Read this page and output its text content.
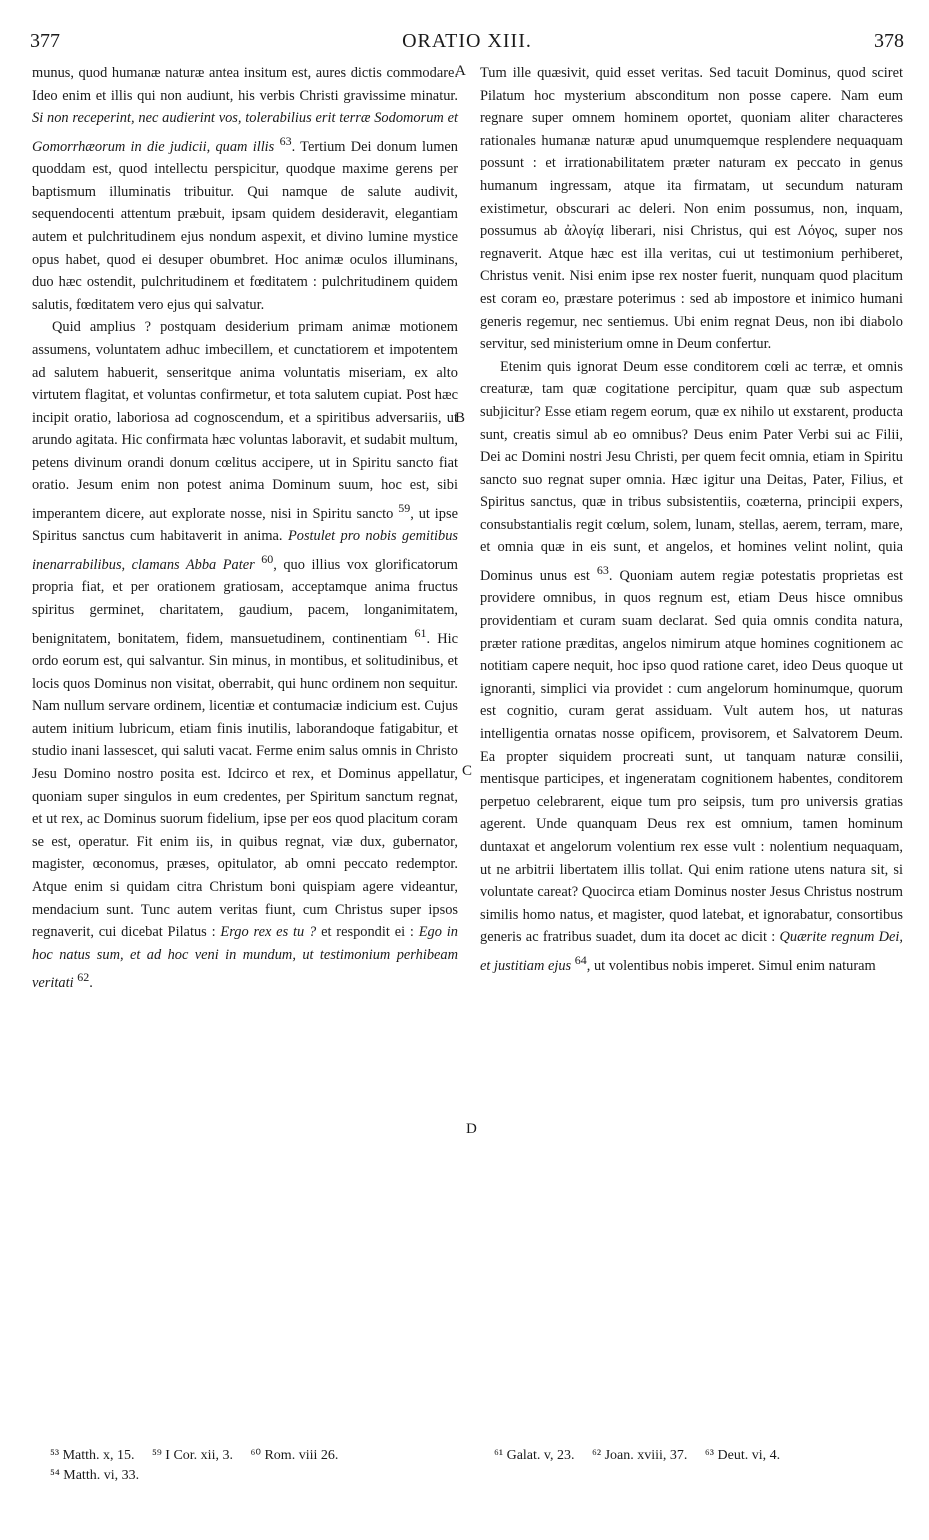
377	ORATIO XIII.	378
A
B
C
D

munus, quod humanæ naturæ antea insitum est, aures dictis commodare. Ideo enim et illis qui non audiunt, his verbis Christi gravissime minatur. Si non receperint, nec audierint vos, tolerabilius erit terræ Sodomorum et Gomorrhæorum in die judicii, quam illis $^{63}$. Tertium Dei donum lumen quoddam est, quod intellectu perspicitur, quodque maxime gerens per baptismum illuminatis tribuitur. Qui namque de salute audivit, sequendocenti attentum præbuit, ipsam quidem desideravit, elegantiam autem et pulchritudinem ejus nondum aspexit, et divino lumine mystice opus habet, quod ei desuper obumbret. Hoc animæ oculos illuminans, duo hæc ostendit, pulchritudinem et fœditatem : pulchritudinem quidem salutis, fœditatem vero ejus qui salvatur.

Quid amplius ? postquam desiderium primam animæ motionem assumens, voluntatem adhuc imbecillem, et cunctatiorem et impotentem ad salutem habuerit, senseritque anima voluntatis miseriam, ex alto virtutem flagitat, et voluntas confirmetur, et tota salutem cupiat. Post hæc incipit oratio, laboriosa ad cognoscendum, et a spiritibus adversariis, ut arundo agitata. Hic confirmata hæc voluntas laboravit, et sudabit multum, petens divinum orandi donum cœlitus accipere, ut in Spiritu sancto fiat oratio. Jesum enim non potest animа Dominum suum, hoc est, sibi imperantem dicere, aut explorate nosse, nisi in Spiritu sancto $^{59}$, ut ipse Spiritus sanctus cum habitaverit in anima. Postulet pro nobis gemitibus inenarrabilibus, clamans Abba Pater $^{60}$, quo illius vox glorificatorum propria fiat, et per orationem gratiosam, acceptamque anima fructus spiritus germinet, charitatem, gaudium, pacem, longanimitatem, benignitatem, bonitatem, fidem, mansuetudinem, continentiam $^{61}$. Hic ordo eorum est, qui salvantur. Sin minus, in montibus, et solitudinibus, et locis quos Dominus non visitat, oberrabit, qui hunc ordinem non sequitur. Nam nullum servare ordinem, licentiæ et contumaciæ indicium est. Cujus autem initium lubricum, etiam finis inutilis, laborandoque fatigabitur, et studio inani lassescet, qui saluti vacat. Ferme enim salus omnis in Christo Jesu Domino nostro posita est. Idcirco et rex, et Dominus appellatur, quoniam super singulos in eum credentes, per Spiritum sanctum regnat, et ut rex, ac Dominus suorum fidelium, ipse per eos quod placitum coram se est, operatur. Fit enim iis, in quibus regnat, viæ dux, gubernator, magister, œconomus, præses, opitulator, ab omni peccato redemptor. Atque enim si quidam citra Christum boni quispiam agere videantur, mendacium sunt. Tunc autem veritas fiunt, cum Christus super ipsos regnaverit, cui dicebat Pilatus : Ergo rex es tu ? et respondit ei : Ego in hoc natus sum, et ad hoc veni in mundum, ut testimonium perhibeam veritati $^{62}$.

Tum ille quæsivit, quid esset veritas. Sed tacuit Dominus, quod sciret Pilatum hoc mysterium absconditum non posse capere. Nam eum regnare super omnem hominem oportet, quoniam aliter characteres rationales humanæ naturæ apud unumquemque resplendere nequaquam possunt : et irrationabilitatem præter naturam ex peccato in genus humanum ingressam, atque ita firmatam, ut secundum naturam existimetur, obscurari ac deleri. Non enim possumus, non, inquam, possumus ab ἀλογίᾳ liberari, nisi Christus, qui est Λόγος, super nos regnaverit. Atque hæc est illa veritas, cui ut testimonium perhiberet, Christus venit. Nisi enim ipse rex noster fuerit, nunquam quod placitum est coram eo, præstare poterimus : sed ab impostore et inimico humani generis regemur, nec sentiemus. Ubi enim regnat Deus, non ibi diabolo servitur, sed ministerium omne in Deum confertur.

Etenim quis ignorat Deum esse conditorem cœli ac terræ, et omnis creaturæ, tam quæ cogitatione percipitur, quam quæ sub aspectum subjicitur? Esse etiam regem eorum, quæ ex nihilo ut exstarent, producta sunt, creatis simul ab eo omnibus? Deus enim Pater Verbi sui ac Filii, Dei ac Domini nostri Jesu Christi, per quem fecit omnia, etiam in Spiritu sancto suo regnat super omnia. Hæc igitur una Deitas, Pater, Filius, et Spiritus sanctus, quæ in tribus subsistentiis, coæterna, principii expers, consubstantialis regit cœlum, solem, lunam, stellas, aerem, terram, mare, et omnia quæ in eis sunt, et angelos, et homines velint nolint, quia Dominus unus est $^{63}$. Quoniam autem regiæ potestatis proprietas est providere omnibus, in quos regnum est, etiam Deus hisce omnibus providentiam et curam suam declarat. Sed quia omnis condita natura, præter ratione præditas, angelos nimirum atque homines cognitionem ac notitiam capere nequit, hoc ipso quod ratione caret, ideo Deus quoque ut ignoranti, simplici via providet : cum angelorum hominumque, quorum est cognitio, curam gerat assiduam. Vult autem hos, ut naturas intelligentia ornatas nosse opificem, provisorem, et Salvatorem Deum. Ea propter siquidem procreati sunt, ut tanquam naturæ consilii, mentisque participes, et ingeneratam cognitionem habentes, conditorem perpetuo celebrarent, eique tum pro seipsis, tum pro universis gratias agerent. Unde quanquam Deus rex est omnium, tamen hominum duntaxat et angelorum volentium rex esse vult : nolentium nequaquam, ut ne arbitrii libertatem illis tollat. Qui enim ratione utens natura sit, si voluntate careat? Quocirca etiam Dominus noster Jesus Christus nostrum similis homo natus, et magister, quod latebat, et ignorabatur, consortibus generis ac fratribus suadet, dum ita docet ac dicit : Quærite regnum Dei, et justitiam ejus $^{64}$, ut volentibus nobis imperet. Simul enim naturam

⁵³ Matth. x, 15. ⁵⁹ I Cor. xii, 3. ⁶⁰ Rom. viii 26.
⁵⁴ Matth. vi, 33.
⁶¹ Galat. v, 23. ⁶² Joan. xviii, 37. ⁶³ Deut. vi, 4.
